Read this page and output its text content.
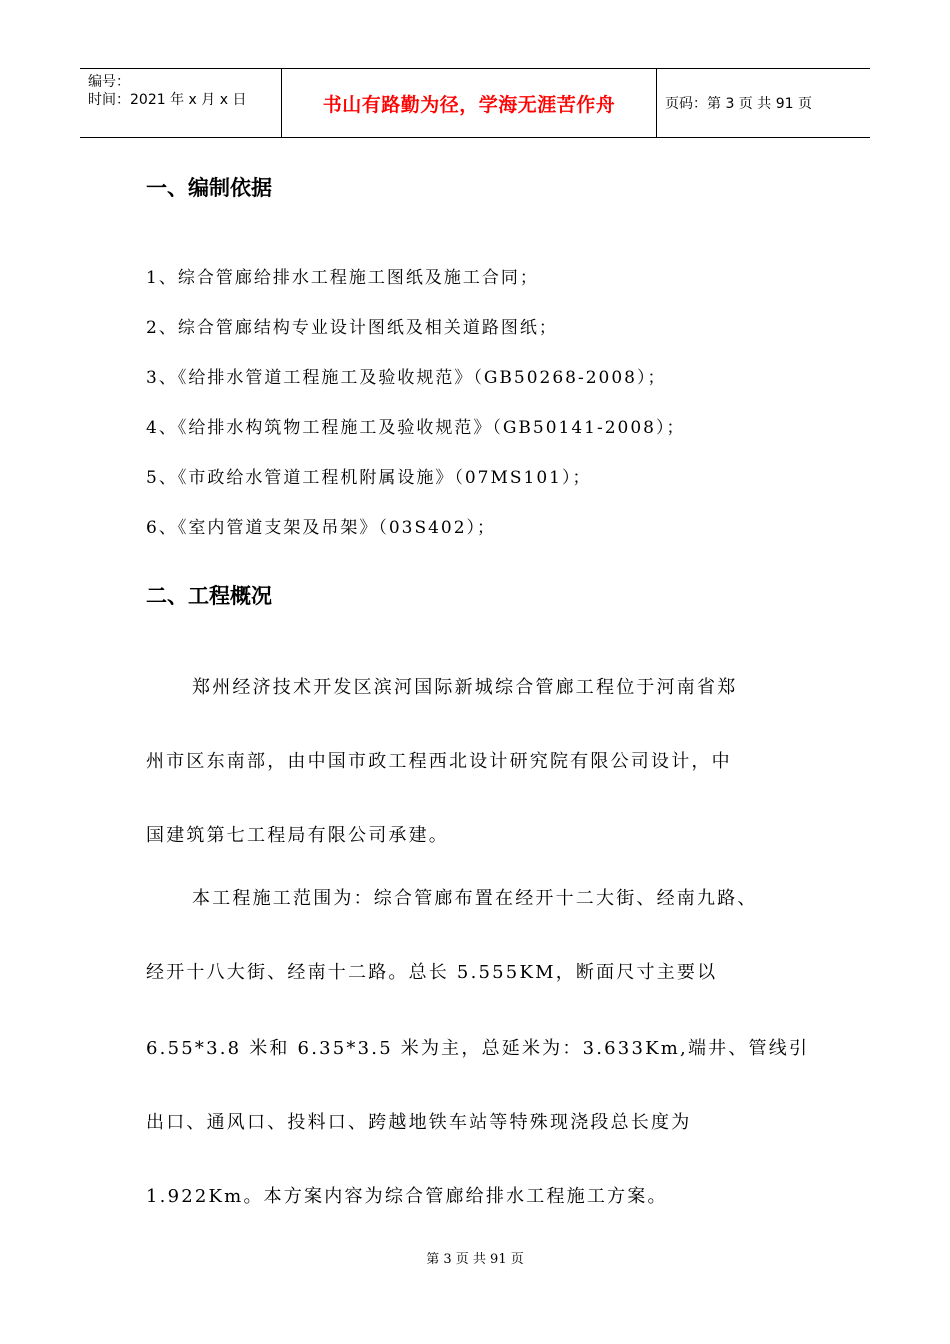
编号：
时间：2021 年 x 月 x 日	书山有路勤为径，学海无涯苦作舟	页码：第 3 页 共 91 页
一、编制依据
1、综合管廊给排水工程施工图纸及施工合同；
2、综合管廊结构专业设计图纸及相关道路图纸；
3、《给排水管道工程施工及验收规范》（GB50268-2008）；
4、《给排水构筑物工程施工及验收规范》（GB50141-2008）；
5、《市政给水管道工程机附属设施》（07MS101）；
6、《室内管道支架及吊架》（03S402）；
二、工程概况
郑州经济技术开发区滨河国际新城综合管廊工程位于河南省郑
州市区东南部，由中国市政工程西北设计研究院有限公司设计，中
国建筑第七工程局有限公司承建。
本工程施工范围为：综合管廊布置在经开十二大街、经南九路、
经开十八大街、经南十二路。总长 5.555KM，断面尺寸主要以
6.55*3.8 米和 6.35*3.5 米为主，总延米为：3.633Km,端井、管线引
出口、通风口、投料口、跨越地铁车站等特殊现浇段总长度为
1.922Km。本方案内容为综合管廊给排水工程施工方案。
第 3 页 共 91 页
